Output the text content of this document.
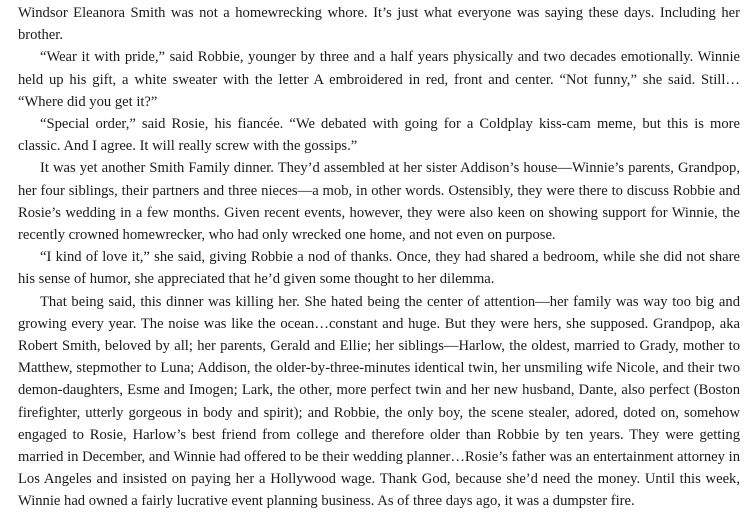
Windsor Eleanora Smith was not a homewrecking whore. It’s just what everyone was saying these days. Including her brother.

“Wear it with pride,” said Robbie, younger by three and a half years physically and two decades emotionally. Winnie held up his gift, a white sweater with the letter A embroidered in red, front and center. “Not funny,” she said. Still… “Where did you get it?”

“Special order,” said Rosie, his fiancée. “We debated with going for a Coldplay kiss-cam meme, but this is more classic. And I agree. It will really screw with the gossips.”

It was yet another Smith Family dinner. They’d assembled at her sister Addison’s house—Winnie’s parents, Grandpop, her four siblings, their partners and three nieces—a mob, in other words. Ostensibly, they were there to discuss Robbie and Rosie’s wedding in a few months. Given recent events, however, they were also keen on showing support for Winnie, the recently crowned homewrecker, who had only wrecked one home, and not even on purpose.

“I kind of love it,” she said, giving Robbie a nod of thanks. Once, they had shared a bedroom, while she did not share his sense of humor, she appreciated that he’d given some thought to her dilemma.

That being said, this dinner was killing her. She hated being the center of attention—her family was way too big and growing every year. The noise was like the ocean…constant and huge. But they were hers, she supposed. Grandpop, aka Robert Smith, beloved by all; her parents, Gerald and Ellie; her siblings—Harlow, the oldest, married to Grady, mother to Matthew, stepmother to Luna; Addison, the older-by-three-minutes identical twin, her unsmiling wife Nicole, and their two demon-daughters, Esme and Imogen; Lark, the other, more perfect twin and her new husband, Dante, also perfect (Boston firefighter, utterly gorgeous in body and spirit); and Robbie, the only boy, the scene stealer, adored, doted on, somehow engaged to Rosie, Harlow’s best friend from college and therefore older than Robbie by ten years. They were getting married in December, and Winnie had offered to be their wedding planner…Rosie’s father was an entertainment attorney in Los Angeles and insisted on paying her a Hollywood wage. Thank God, because she’d need the money. Until this week, Winnie had owned a fairly lucrative event planning business. As of three days ago, it was a dumpster fire.
